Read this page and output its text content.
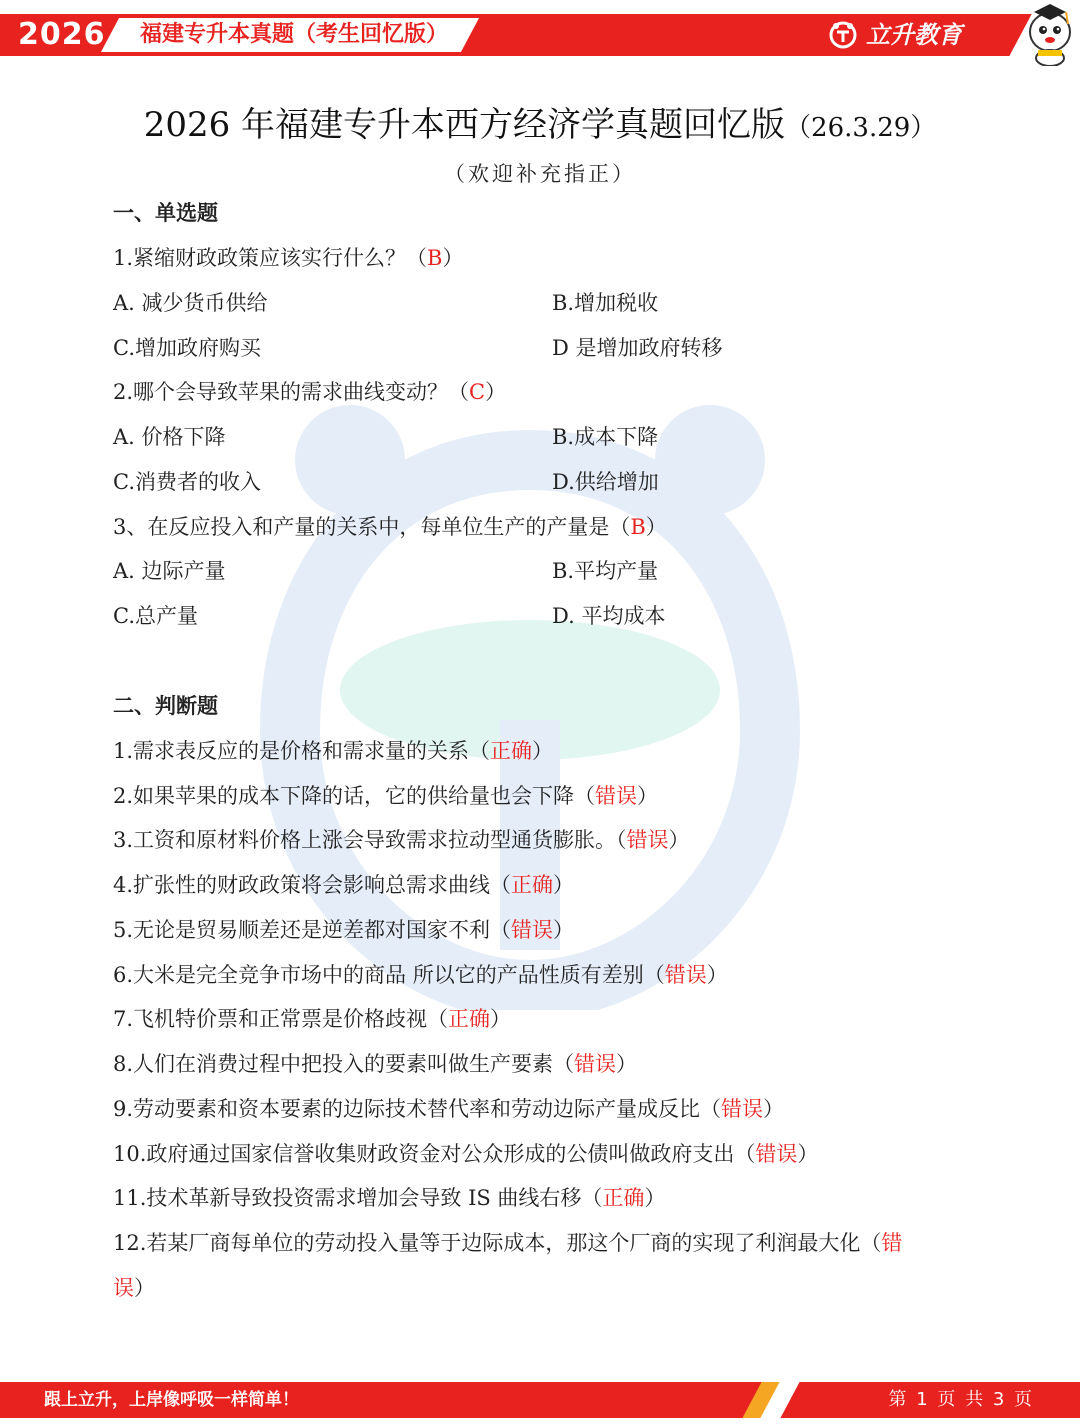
2026 福建专升本真题（考生回忆版）	立升教育
2026 年福建专升本西方经济学真题回忆版（26.3.29）
（欢迎补充指正）
一、单选题
1.紧缩财政政策应该实行什么？（B）
A. 减少货币供给	B.增加税收
C.增加政府购买	D 是增加政府转移
2.哪个会导致苹果的需求曲线变动？（C）
A. 价格下降	B.成本下降
C.消费者的收入	D.供给增加
3、在反应投入和产量的关系中，每单位生产的产量是（B）
A. 边际产量	B.平均产量
C.总产量	D. 平均成本
二、判断题
1.需求表反应的是价格和需求量的关系（正确）
2.如果苹果的成本下降的话，它的供给量也会下降（错误）
3.工资和原材料价格上涨会导致需求拉动型通货膨胀。（错误）
4.扩张性的财政政策将会影响总需求曲线（正确）
5.无论是贸易顺差还是逆差都对国家不利（错误）
6.大米是完全竞争市场中的商品 所以它的产品性质有差别（错误）
7.飞机特价票和正常票是价格歧视（正确）
8.人们在消费过程中把投入的要素叫做生产要素（错误）
9.劳动要素和资本要素的边际技术替代率和劳动边际产量成反比（错误）
10.政府通过国家信誉收集财政资金对公众形成的公债叫做政府支出（错误）
11.技术革新导致投资需求增加会导致 IS 曲线右移（正确）
12.若某厂商每单位的劳动投入量等于边际成本，那这个厂商的实现了利润最大化（错
误）
跟上立升，上岸像呼吸一样简单！	第 1 页 共 3 页
